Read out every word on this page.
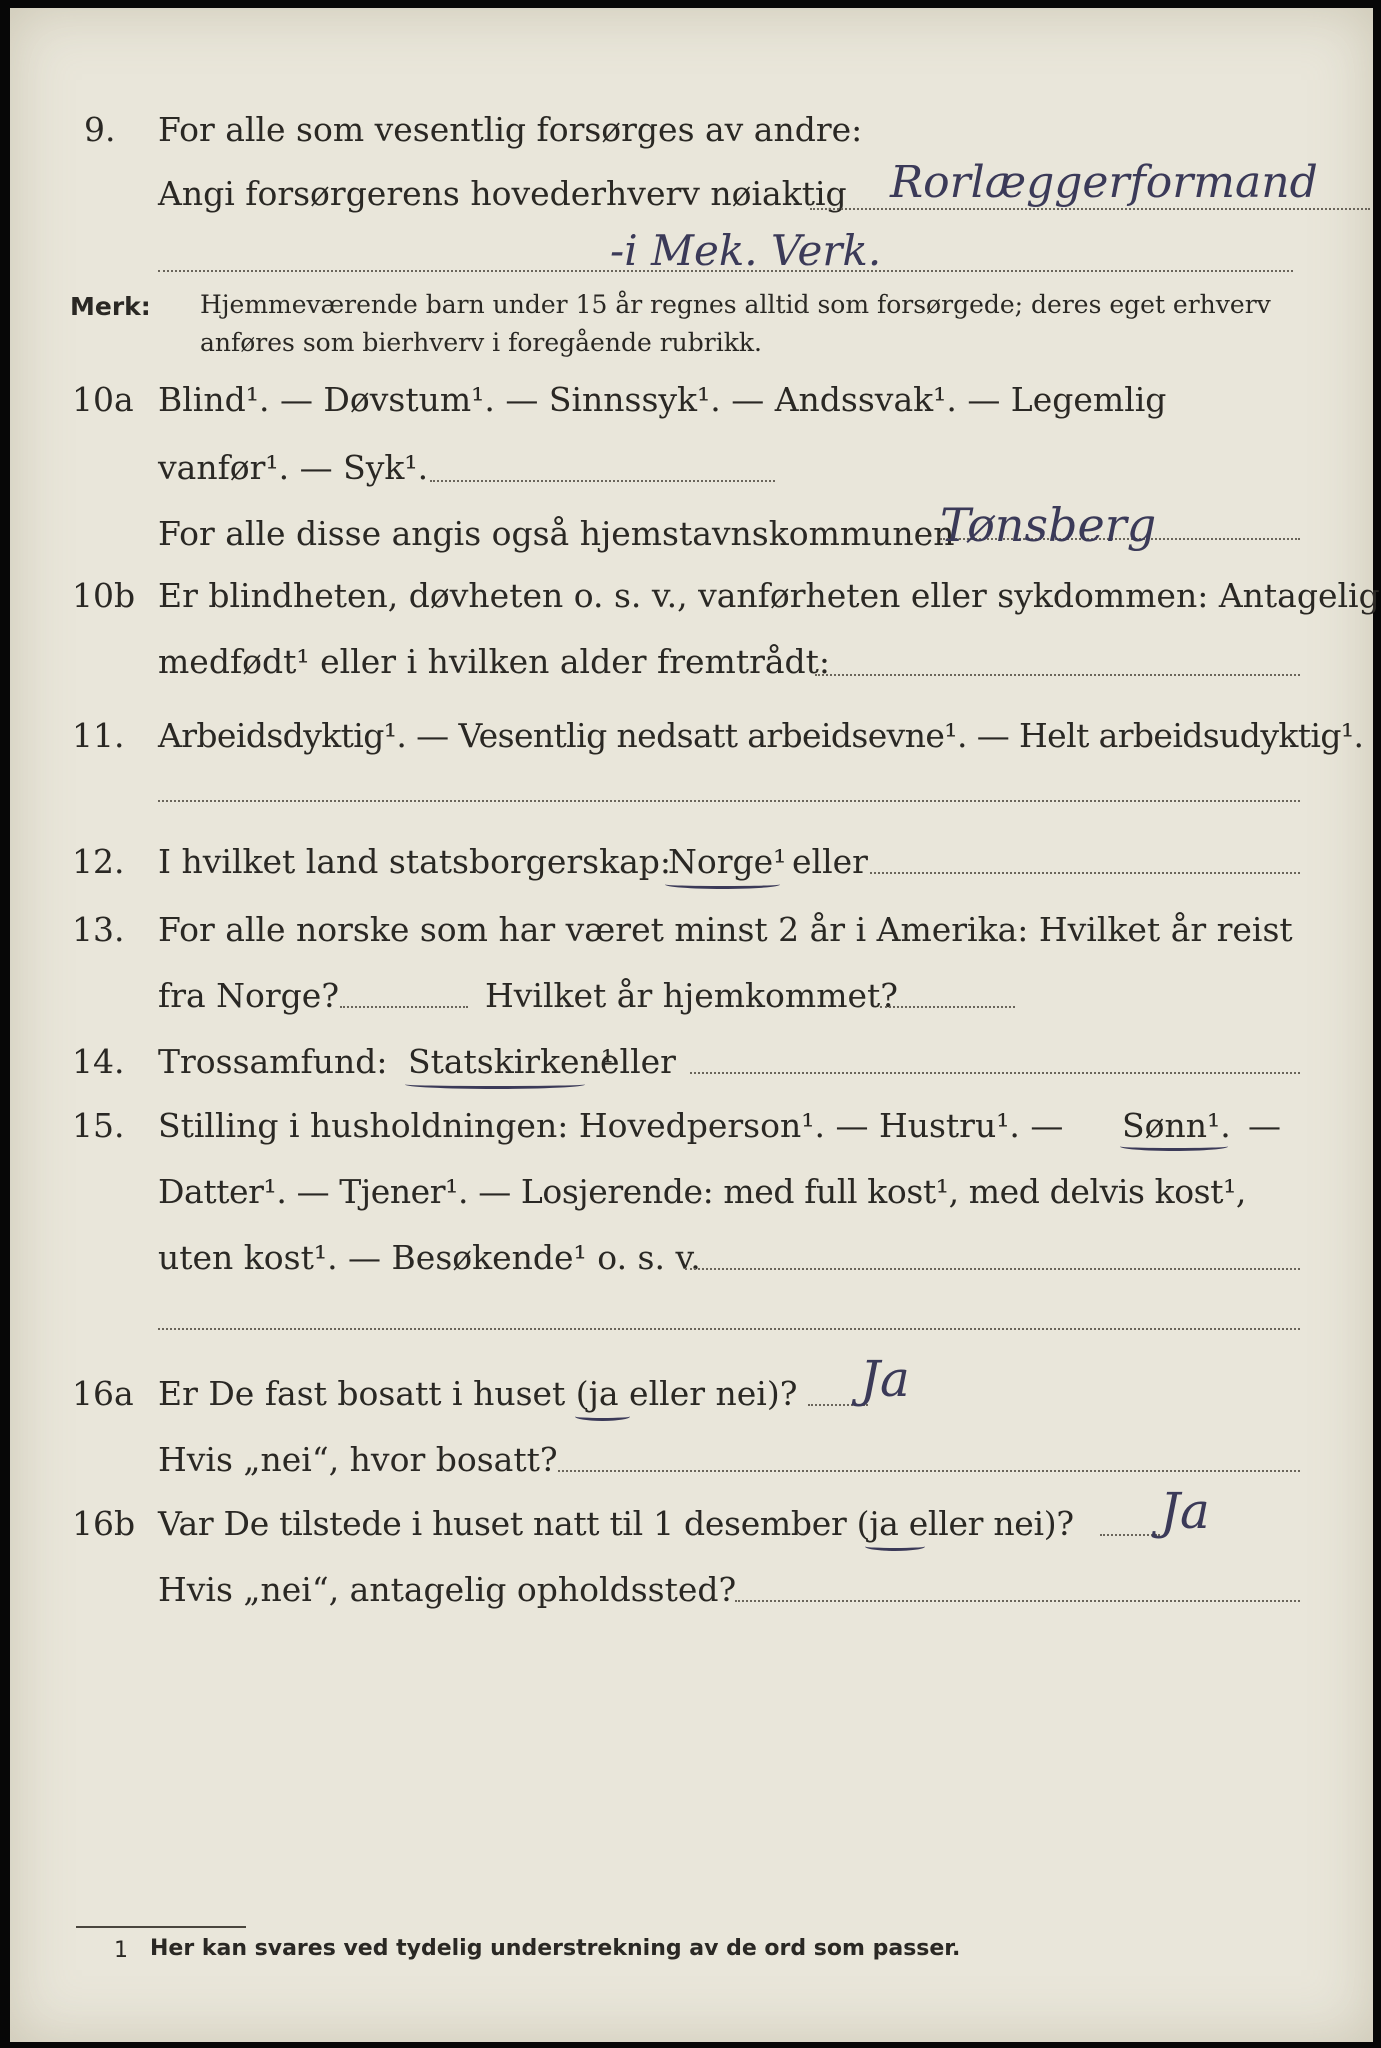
9. For alle som vesentlig forsørges av andre:
Angi forsørgerens hovederhverv nøiaktig Rorlæggerformand
-i Mek. Verk.
Merk: Hjemmeværende barn under 15 år regnes alltid som forsørgede; deres eget erhverv
anføres som bierhverv i foregående rubrikk.
10a Blind¹. — Døvstum¹. — Sinnssyk¹. — Andssvak¹. — Legemlig
vanfør¹. — Syk¹.
For alle disse angis også hjemstavnskommunen
Tønsberg
10b Er blindheten, døvheten o. s. v., vanførheten eller sykdommen: Antagelig
medfødt¹ eller i hvilken alder fremtrådt:
11. Arbeidsdyktig¹. — Vesentlig nedsatt arbeidsevne¹. — Helt arbeidsudyktig¹.
12. I hvilket land statsborgerskap:
Norge¹ eller
13. For alle norske som har været minst 2 år i Amerika: Hvilket år reist
fra Norge?	Hvilket år hjemkommet?
14. Trossamfund: Statskirken¹
eller
15. Stilling i husholdningen: Hovedperson¹. — Hustru¹. — Sønn¹. —
Datter¹. — Tjener¹. — Losjerende: med full kost¹, med delvis kost¹,
uten kost¹. — Besøkende¹ o. s. v.
16a Er De fast bosatt i huset (ja eller nei)? Ja
Hvis „nei“, hvor bosatt?
16b Var De tilstede i huset natt til 1 desember (ja eller nei)? Ja
Hvis „nei“, antagelig opholdssted?
1 Her kan svares ved tydelig understrekning av de ord som passer.
